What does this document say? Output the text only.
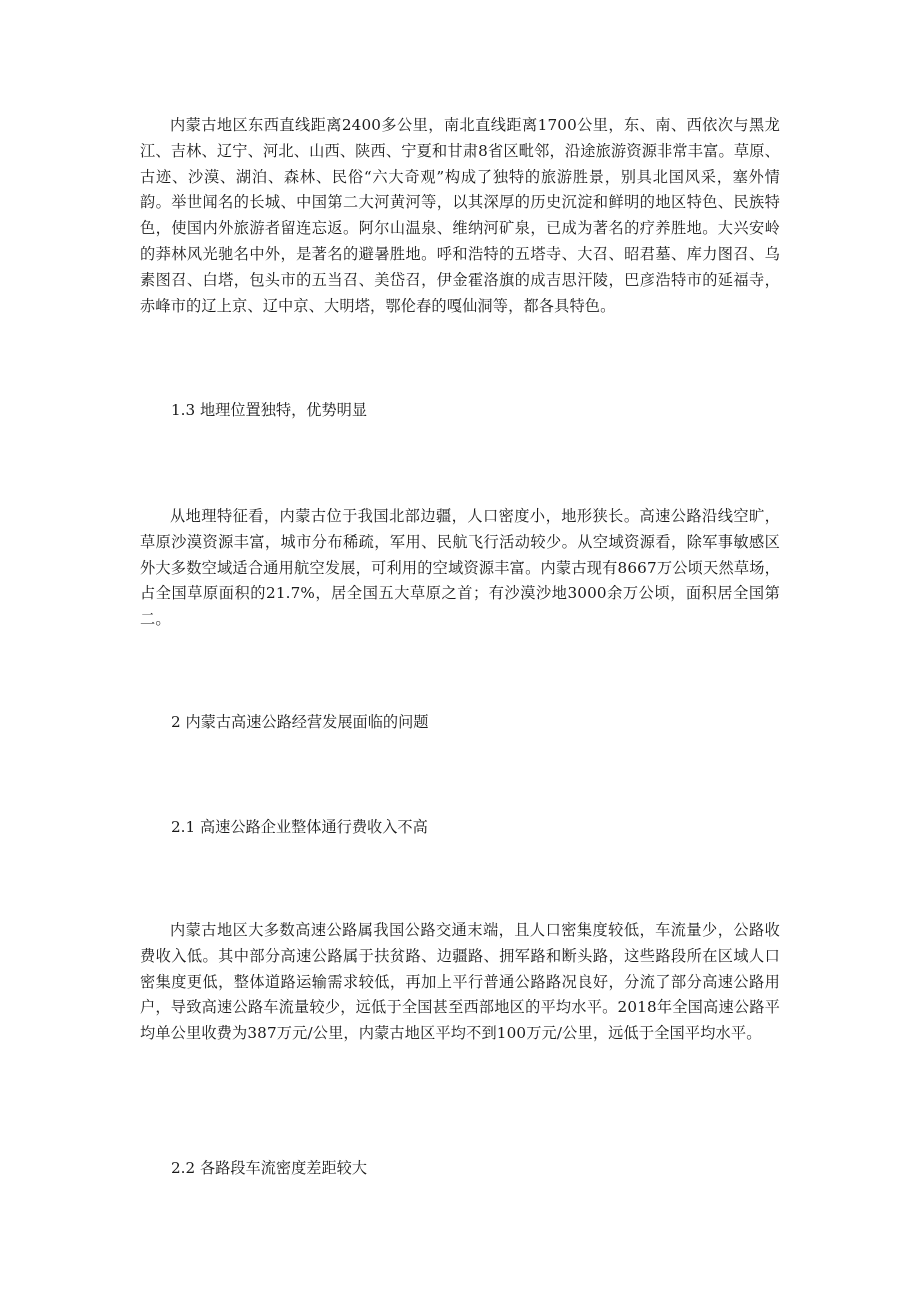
内蒙古地区东西直线距离2400多公里，南北直线距离1700公里，东、南、西依次与黑龙江、吉林、辽宁、河北、山西、陕西、宁夏和甘肃8省区毗邻，沿途旅游资源非常丰富。草原、古迹、沙漠、湖泊、森林、民俗“六大奇观”构成了独特的旅游胜景，别具北国风采，塞外情韵。举世闻名的长城、中国第二大河黄河等，以其深厚的历史沉淀和鲜明的地区特色、民族特色，使国内外旅游者留连忘返。阿尔山温泉、维纳河矿泉，已成为著名的疗养胜地。大兴安岭的莽林风光驰名中外，是著名的避暑胜地。呼和浩特的五塔寺、大召、昭君墓、库力图召、乌素图召、白塔，包头市的五当召、美岱召，伊金霍洛旗的成吉思汗陵，巴彦浩特市的延福寺，赤峰市的辽上京、辽中京、大明塔，鄂伦春的嘎仙洞等，都各具特色。

1.3 地理位置独特，优势明显

从地理特征看，内蒙古位于我国北部边疆，人口密度小，地形狭长。高速公路沿线空旷，草原沙漠资源丰富，城市分布稀疏，军用、民航飞行活动较少。从空域资源看，除军事敏感区外大多数空域适合通用航空发展，可利用的空域资源丰富。内蒙古现有8667万公顷天然草场，占全国草原面积的21.7%，居全国五大草原之首；有沙漠沙地3000余万公顷，面积居全国第二。

2 内蒙古高速公路经营发展面临的问题
2.1 高速公路企业整体通行费收入不高

内蒙古地区大多数高速公路属我国公路交通末端，且人口密集度较低，车流量少，公路收费收入低。其中部分高速公路属于扶贫路、边疆路、拥军路和断头路，这些路段所在区域人口密集度更低，整体道路运输需求较低，再加上平行普通公路路况良好，分流了部分高速公路用户，导致高速公路车流量较少，远低于全国甚至西部地区的平均水平。2018年全国高速公路平均单公里收费为387万元/公里，内蒙古地区平均不到100万元/公里，远低于全国平均水平。

2.2 各路段车流密度差距较大
